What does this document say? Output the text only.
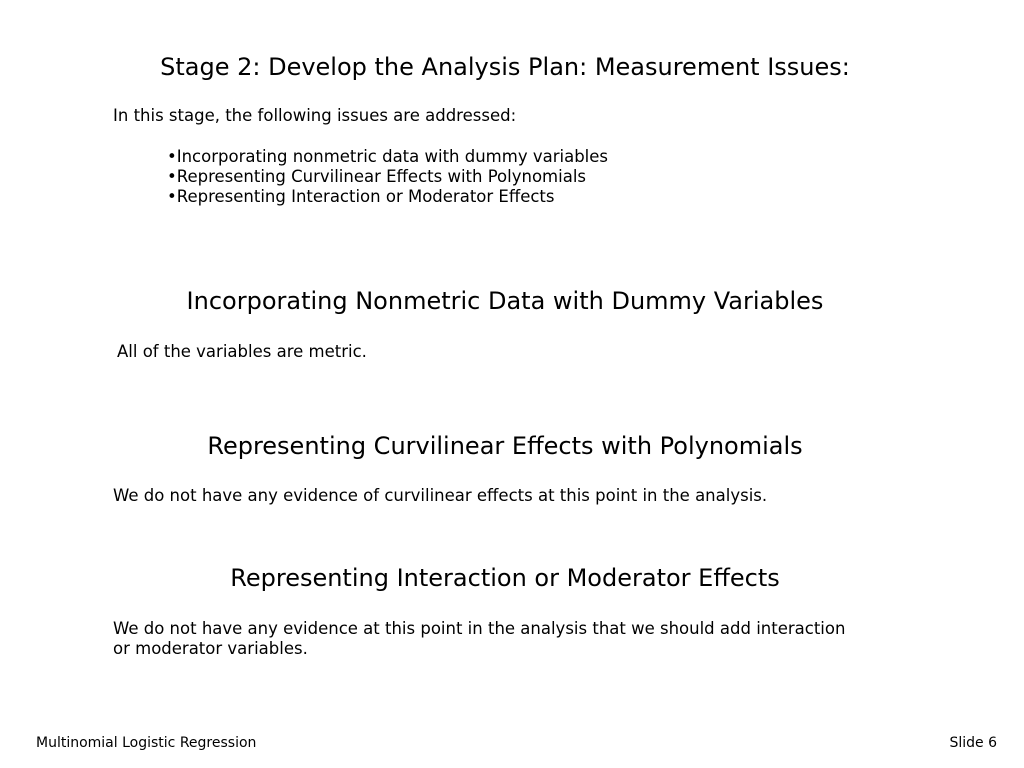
Stage 2: Develop the Analysis Plan: Measurement Issues:
In this stage, the following issues are addressed:
•Incorporating nonmetric data with dummy variables
•Representing Curvilinear Effects with Polynomials
•Representing Interaction or Moderator Effects
Incorporating Nonmetric Data with Dummy Variables
All of the variables are metric.
Representing Curvilinear Effects with Polynomials
We do not have any evidence of curvilinear effects at this point in the analysis.
Representing Interaction or Moderator Effects
We do not have any evidence at this point in the analysis that we should add interaction
or moderator variables.
Multinomial Logistic Regression	Slide 6
